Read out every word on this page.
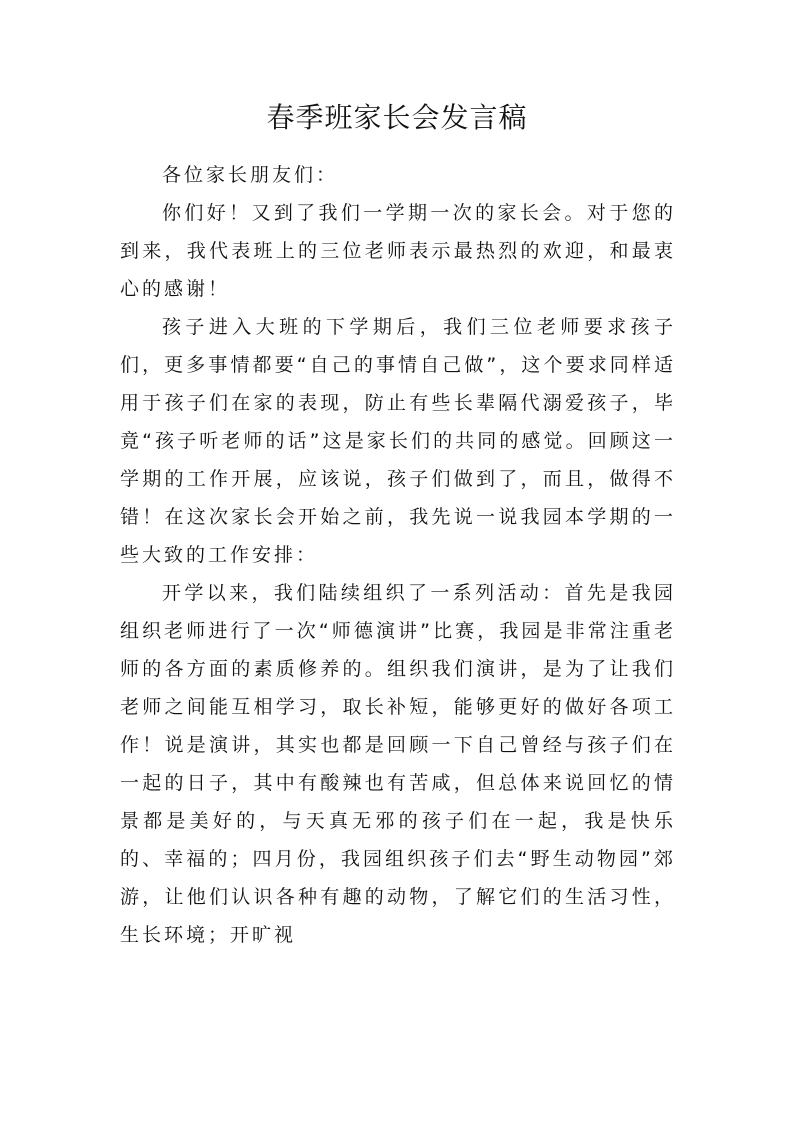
春季班家长会发言稿

各位家长朋友们：

你们好！又到了我们一学期一次的家长会。对于您的到来，我代表班上的三位老师表示最热烈的欢迎，和最衷心的感谢！

孩子进入大班的下学期后，我们三位老师要求孩子们，更多事情都要“自己的事情自己做”，这个要求同样适用于孩子们在家的表现，防止有些长辈隔代溺爱孩子，毕竟“孩子听老师的话”这是家长们的共同的感觉。回顾这一学期的工作开展，应该说，孩子们做到了，而且，做得不错！在这次家长会开始之前，我先说一说我园本学期的一些大致的工作安排：

开学以来，我们陆续组织了一系列活动：首先是我园组织老师进行了一次“师德演讲”比赛，我园是非常注重老师的各方面的素质修养的。组织我们演讲，是为了让我们老师之间能互相学习，取长补短，能够更好的做好各项工作！说是演讲，其实也都是回顾一下自己曾经与孩子们在一起的日子，其中有酸辣也有苦咸，但总体来说回忆的情景都是美好的，与天真无邪的孩子们在一起，我是快乐的、幸福的；四月份，我园组织孩子们去“野生动物园”郊游，让他们认识各种有趣的动物，了解它们的生活习性，生长环境；开旷视
